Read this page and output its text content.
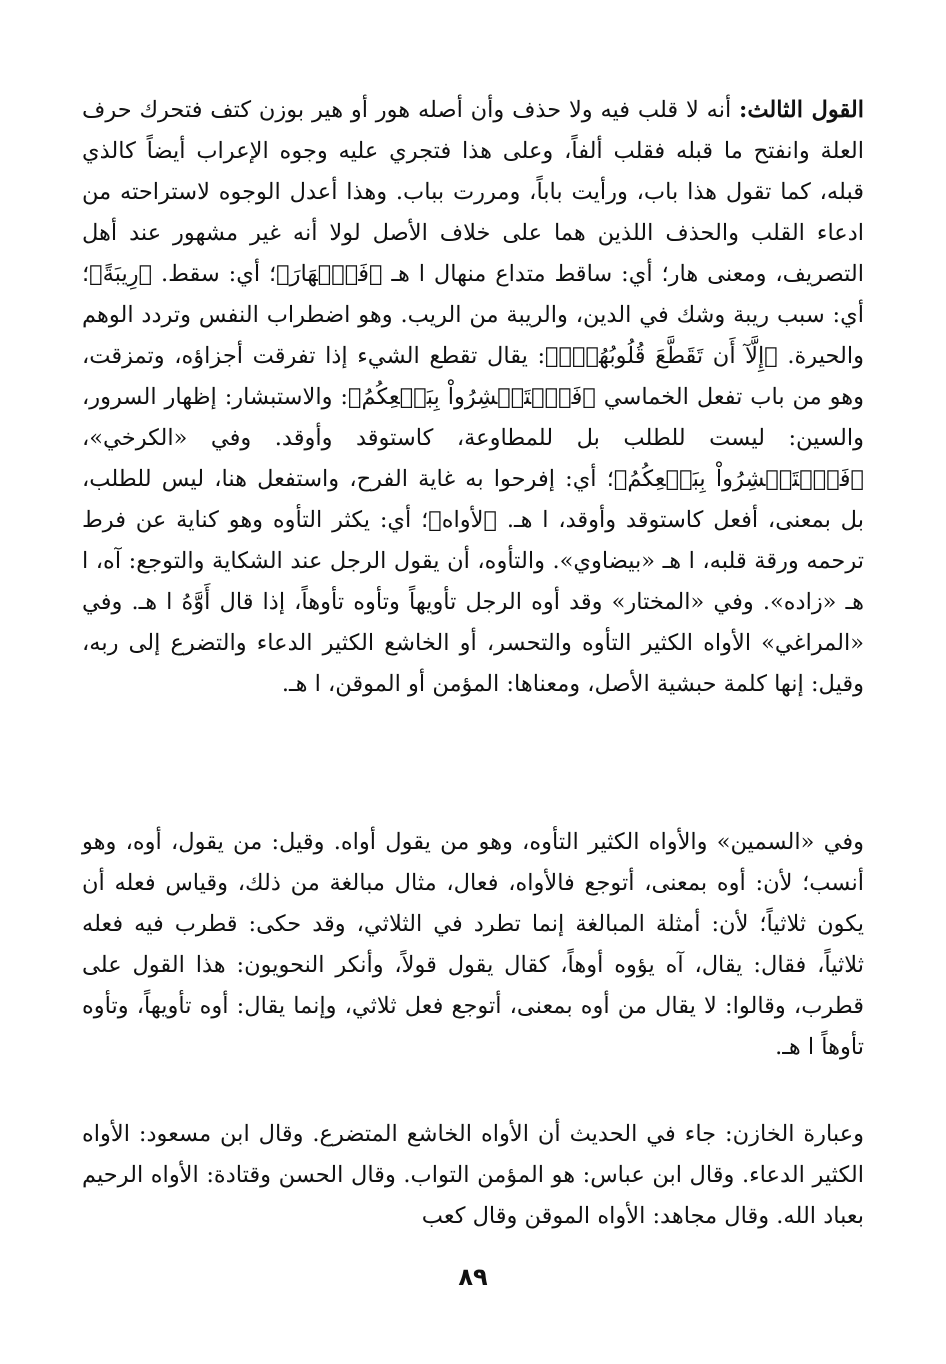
القول الثالث: أنه لا قلب فيه ولا حذف وأن أصله هور أو هير بوزن كتف فتحرك حرف العلة وانفتح ما قبله فقلب ألفاً، وعلى هذا فتجري عليه وجوه الإعراب أيضاً كالذي قبله، كما تقول هذا باب، ورأيت باباً، ومررت بباب. وهذا أعدل الوجوه لاستراحته من ادعاء القلب والحذف اللذين هما على خلاف الأصل لولا أنه غير مشهور عند أهل التصريف، ومعنى هار؛ أي: ساقط متداع منهال ا هـ ﴿فَٱنۡهَارَ﴾؛ أي: سقط. ﴿رِيبَةً﴾؛ أي: سبب ريبة وشك في الدين، والريبة من الريب. وهو اضطراب النفس وتردد الوهم والحيرة. ﴿إِلَّآ أَن تَقَطَّعَ قُلُوبُهُمۡۚ﴾: يقال تقطع الشيء إذا تفرقت أجزاؤه، وتمزقت، وهو من باب تفعل الخماسي ﴿فَٱسۡتَبۡشِرُواْ بِبَيۡعِكُمُ﴾: والاستبشار: إظهار السرور، والسين: ليست للطلب بل للمطاوعة، كاستوقد وأوقد. وفي «الكرخي»، ﴿فَٱسۡتَبۡشِرُواْ بِبَيۡعِكُمُ﴾؛ أي: إفرحوا به غاية الفرح، واستفعل هنا، ليس للطلب، بل بمعنى، أفعل كاستوقد وأوقد، ا هـ. ﴿لأواه﴾؛ أي: يكثر التأوه وهو كناية عن فرط ترحمه ورقة قلبه، ا هـ «بيضاوي». والتأوه، أن يقول الرجل عند الشكاية والتوجع: آه، ا هـ «زاده». وفي «المختار» وقد أوه الرجل تأويهاً وتأوه تأوهاً، إذا قال أَوَّهُ ا هـ. وفي «المراغي» الأواه الكثير التأوه والتحسر، أو الخاشع الكثير الدعاء والتضرع إلى ربه، وقيل: إنها كلمة حبشية الأصل، ومعناها: المؤمن أو الموقن، ا هـ.

وفي «السمين» والأواه الكثير التأوه، وهو من يقول أواه. وقيل: من يقول، أوه، وهو أنسب؛ لأن: أوه بمعنى، أتوجع فالأواه، فعال، مثال مبالغة من ذلك، وقياس فعله أن يكون ثلاثياً؛ لأن: أمثلة المبالغة إنما تطرد في الثلاثي، وقد حكى: قطرب فيه فعله ثلاثياً، فقال: يقال، آه يؤوه أوهاً، كقال يقول قولاً، وأنكر النحويون: هذا القول على قطرب، وقالوا: لا يقال من أوه بمعنى، أتوجع فعل ثلاثي، وإنما يقال: أوه تأويهاً، وتأوه تأوهاً ا هـ.

وعبارة الخازن: جاء في الحديث أن الأواه الخاشع المتضرع. وقال ابن مسعود: الأواه الكثير الدعاء. وقال ابن عباس: هو المؤمن التواب. وقال الحسن وقتادة: الأواه الرحيم بعباد الله. وقال مجاهد: الأواه الموقن وقال كعب

٨٩
